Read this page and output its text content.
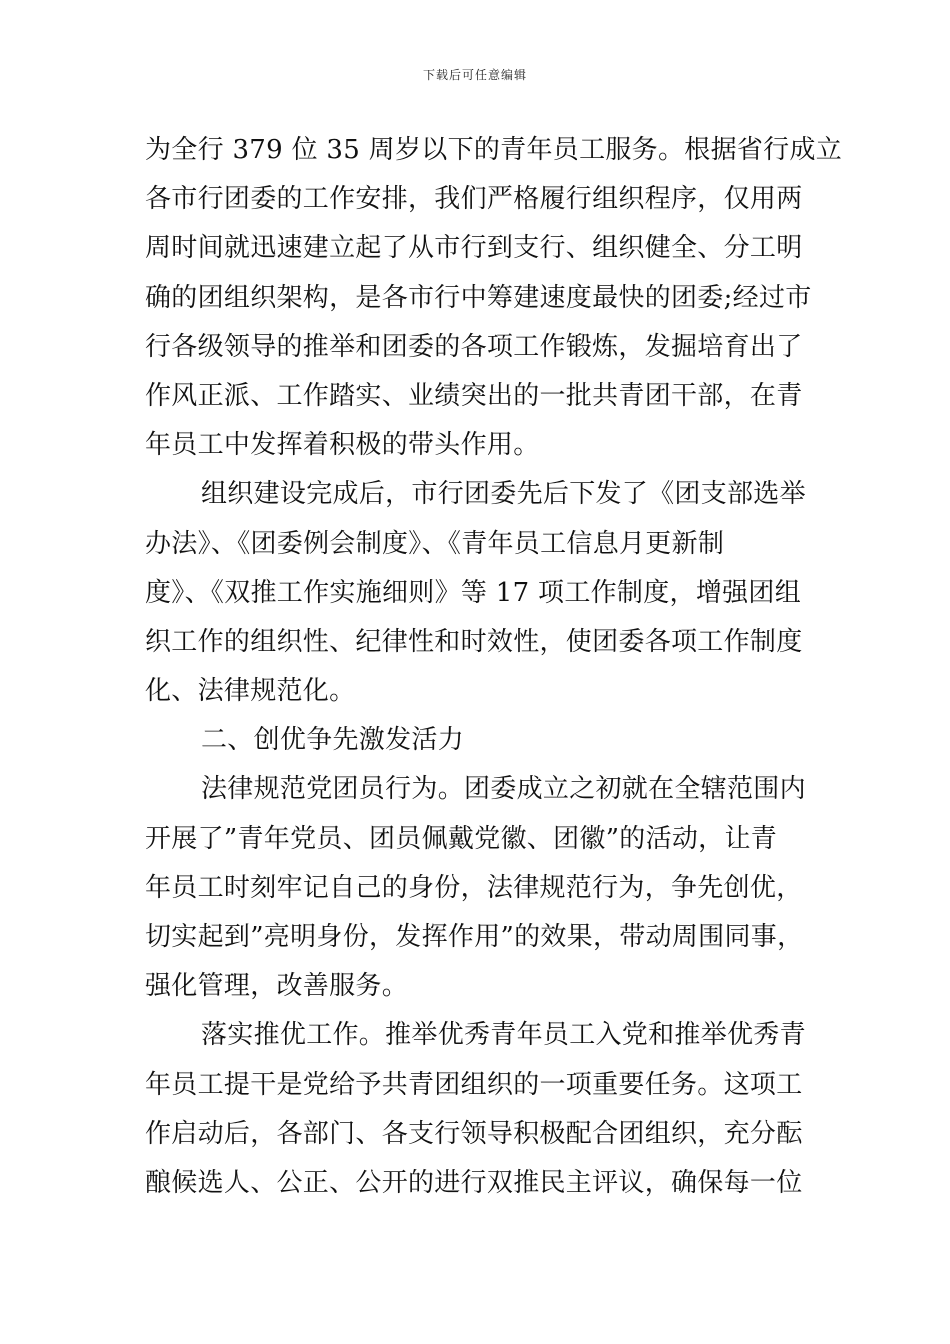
下载后可任意编辑
为全行 379 位 35 周岁以下的青年员工服务。根据省行成立
各市行团委的工作安排，我们严格履行组织程序，仅用两
周时间就迅速建立起了从市行到支行、组织健全、分工明
确的团组织架构，是各市行中筹建速度最快的团委;经过市
行各级领导的推举和团委的各项工作锻炼，发掘培育出了
作风正派、工作踏实、业绩突出的一批共青团干部，在青
年员工中发挥着积极的带头作用。
组织建设完成后，市行团委先后下发了《团支部选举
办法》、《团委例会制度》、《青年员工信息月更新制
度》、《双推工作实施细则》等 17 项工作制度，增强团组
织工作的组织性、纪律性和时效性，使团委各项工作制度
化、法律规范化。
二、创优争先激发活力
法律规范党团员行为。团委成立之初就在全辖范围内
开展了”青年党员、团员佩戴党徽、团徽”的活动，让青
年员工时刻牢记自己的身份，法律规范行为，争先创优，
切实起到”亮明身份，发挥作用”的效果，带动周围同事，
强化管理，改善服务。
落实推优工作。推举优秀青年员工入党和推举优秀青
年员工提干是党给予共青团组织的一项重要任务。这项工
作启动后，各部门、各支行领导积极配合团组织，充分酝
酿候选人、公正、公开的进行双推民主评议，确保每一位
